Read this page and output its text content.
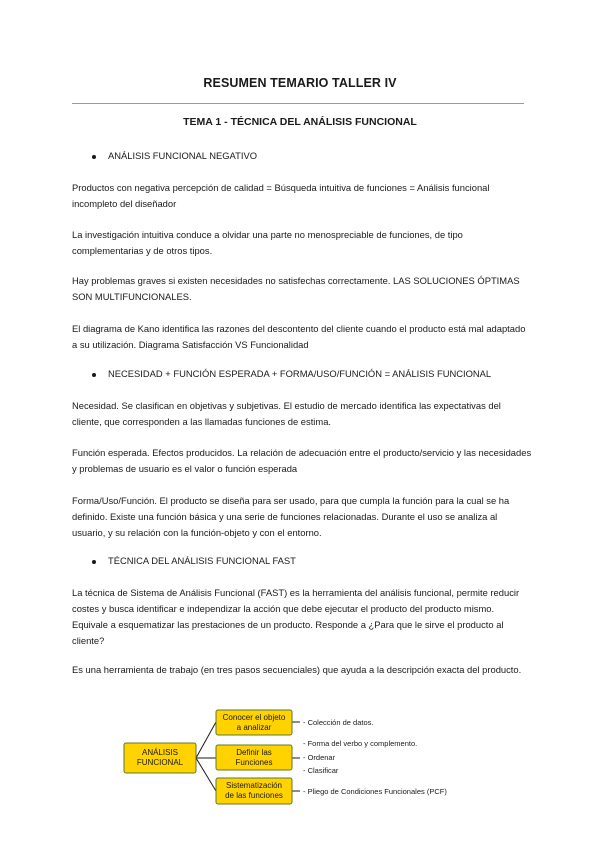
RESUMEN TEMARIO TALLER IV
TEMA 1 - TÉCNICA DEL ANÁLISIS FUNCIONAL
ANÁLISIS FUNCIONAL NEGATIVO
Productos con negativa percepción de calidad = Búsqueda intuitiva de funciones = Análisis funcional incompleto del diseñador
La investigación intuitiva conduce a olvidar una parte no menospreciable de funciones, de tipo complementarias y de otros tipos.
Hay problemas graves si existen necesidades no satisfechas correctamente. LAS SOLUCIONES ÓPTIMAS SON MULTIFUNCIONALES.
El diagrama de Kano identifica las razones del descontento del cliente cuando el producto está mal adaptado a su utilización. Diagrama Satisfacción VS Funcionalidad
NECESIDAD + FUNCIÓN ESPERADA + FORMA/USO/FUNCIÓN = ANÁLISIS FUNCIONAL
Necesidad. Se clasifican en objetivas y subjetivas. El estudio de mercado identifica las expectativas del cliente, que corresponden a las llamadas funciones de estima.
Función esperada. Efectos producidos. La relación de adecuación entre el producto/servicio y las necesidades y problemas de usuario es el valor o función esperada
Forma/Uso/Función. El producto se diseña para ser usado, para que cumpla la función para la cual se ha definido. Existe una función básica y una serie de funciones relacionadas. Durante el uso se analiza al usuario, y su relación con la función-objeto y con el entorno.
TÉCNICA DEL ANÁLISIS FUNCIONAL FAST
La técnica de Sistema de Análisis Funcional (FAST) es la herramienta del análisis funcional, permite reducir costes y busca identificar e independizar la acción que debe ejecutar el producto del producto mismo. Equivale a esquematizar las prestaciones de un producto. Responde a ¿Para que le sirve el producto al cliente?
Es una herramienta de trabajo (en tres pasos secuenciales) que ayuda a la descripción exacta del producto.
ANÁLISIS
FUNCIONAL
Conocer el objeto
a analizar
Definir las
Funciones
Sistematización
de las funciones
- Colección de datos.
- Forma del verbo y complemento.
- Ordenar
- Clasificar
- Pliego de Condiciones Funcionales (PCF)
